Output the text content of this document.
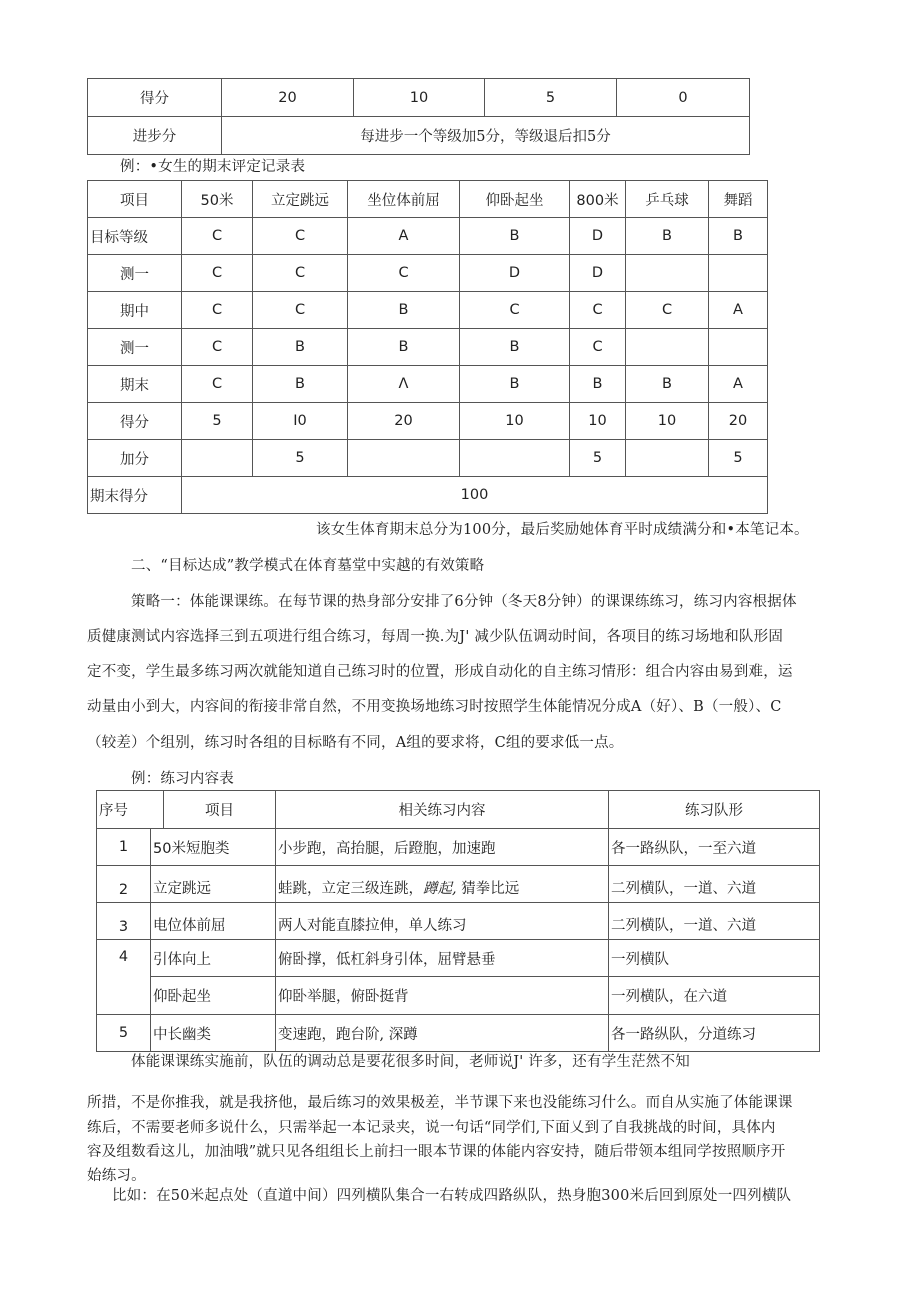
得分	20	10	5	0
进步分	每进步一个等级加5分，等级退后扣5分			
例：•女生的期末评定记录表
项目	50米	立定跳远	坐位体前屈	仰卧起坐	800米	乒乓球	舞蹈
目标等级	C	C	A	B	D	B	B
测一	C	C	C	D	D		
期中	C	C	B	C	C	C	A
测一	C	B	B	B	C		
期末	C	B	Λ	B	B	B	A
得分	5	I0	20	10	10	10	20
加分		5			5		5
期末得分	100						
该女生体育期末总分为100分，最后奖励她体育平时成绩满分和•本笔记本。
二、“目标达成”教学模式在体育墓堂中实越的有效策略
策略一：体能课课练。在每节课的热身部分安排了6分钟（冬天8分钟）的课课练练习，练习内容根据体
质健康测试内容选择三到五项进行组合练习，每周一换.为J' 减少队伍调动时间，各项目的练习场地和队形固
定不变，学生最多练习两次就能知道自己练习时的位置，形成自动化的自主练习情形：组合内容由易到难，运
动量由小到大，内容间的衔接非常自然，不用变换场地练习时按照学生体能情况分成A（好）、B（一般）、C
（较差）个组别，练习时各组的目标略有不同，A组的要求将，C组的要求低一点。
例：练习内容表
序号	项目	相关练习内容	练习队形
1	50米短胞类	小步跑，高抬腿，后蹬胞，加速跑	各一路纵队，一至六道
2	立定跳远	蛙跳，立定三级连跳，蹲起, 猜拳比远	二列横队，一道、六道
3	电位体前屈	两人对能直膝拉伸，单人练习	二列横队，一道、六道
4	引体向上	俯卧撑，低杠斜身引体，屈臂悬垂	一列横队
	仰卧起坐	仰卧举腿，俯卧挺背	一列横队，在六道
5	中长幽类	变速跑，跑台阶, 深蹲	各一路纵队，分道练习
体能课课练实施前，队伍的调动总是要花很多时间，老师说J' 许多，还有学生茫然不知
所措，不是你推我，就是我挤他，最后练习的效果极差，半节课下来也没能练习什么。而自从实施了体能课课
练后，不需要老师多说什么，只需举起一本记录夹，说一句话“同学们,下面乂到了自我挑战的时间，具体内
容及组数看这儿，加油哦”就只见各组组长上前扫一眼本节课的体能内容安持，随后带领本组同学按照顺序开
始练习。
比如：在50米起点处（直道中间）四列横队集合一右转成四路纵队，热身胞300米后回到原处一四列横队
